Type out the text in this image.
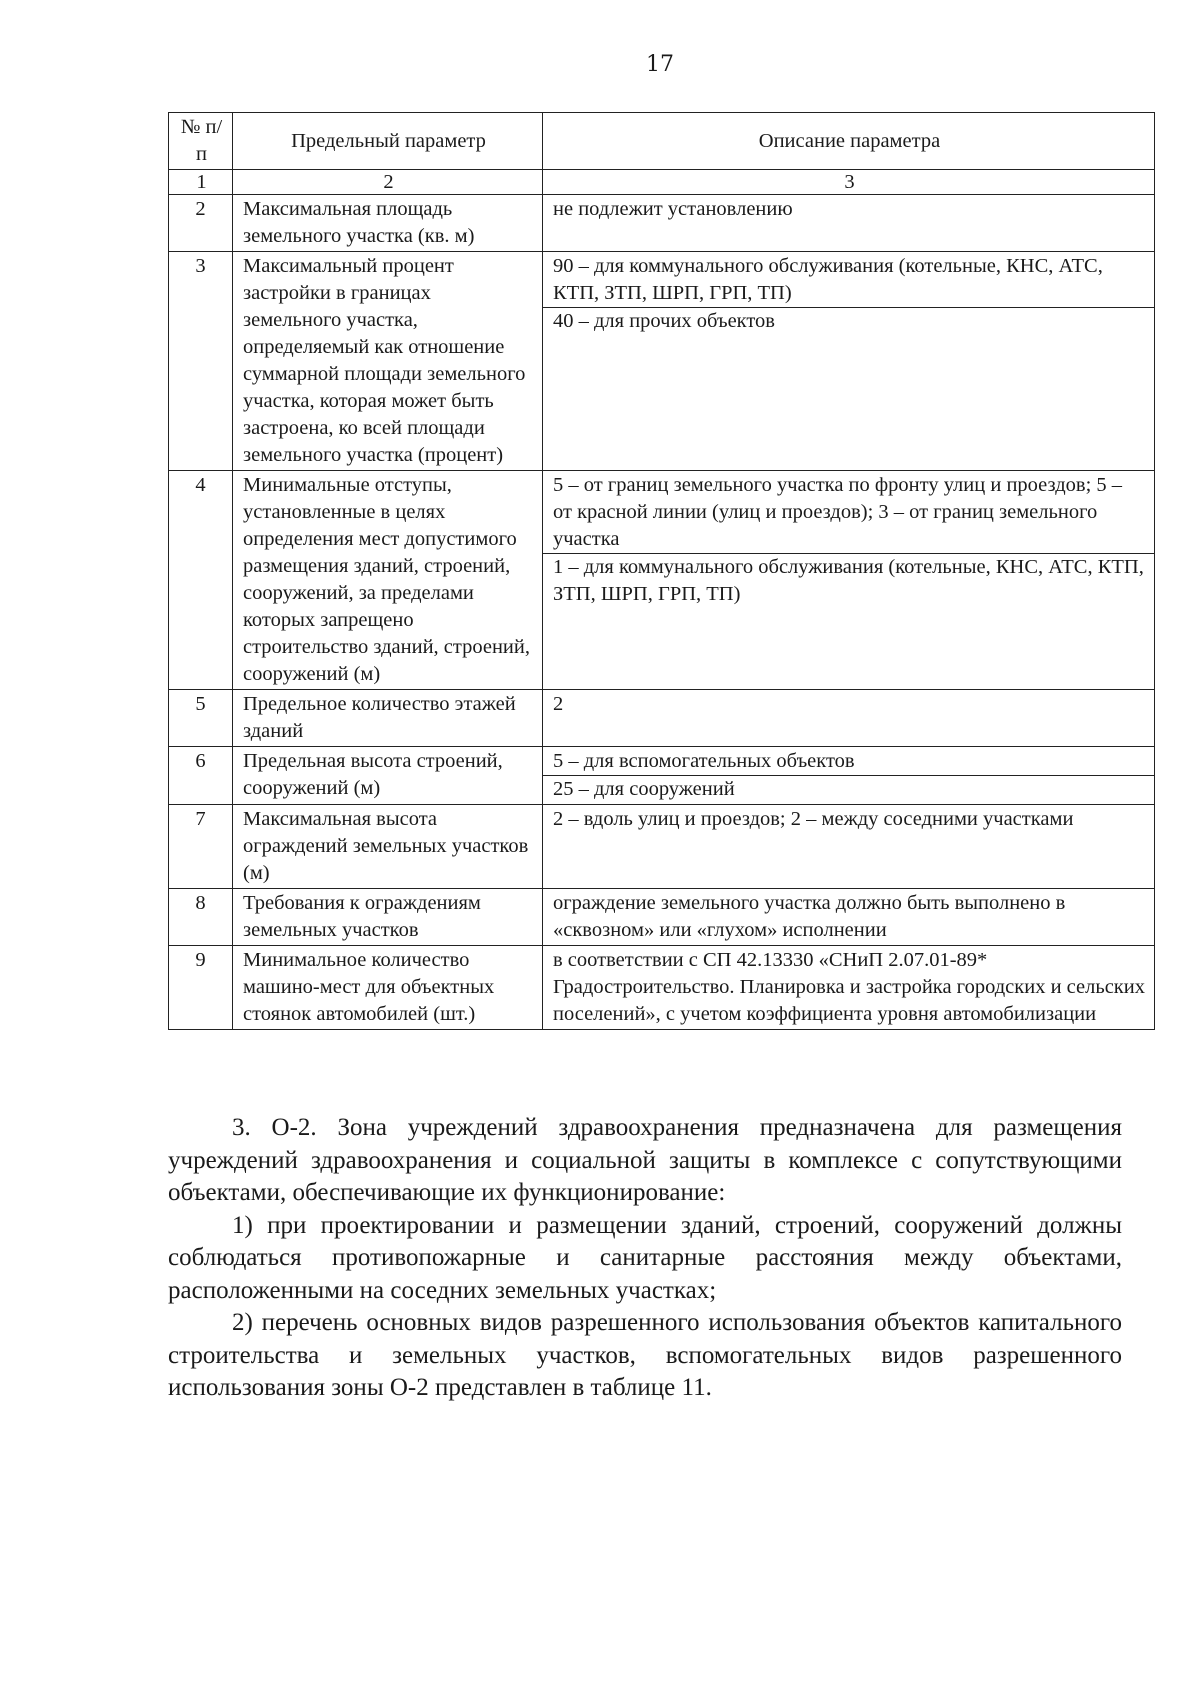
17
№ п/п	Предельный параметр	Описание параметра
1	2	3
2	Максимальная площадь земельного участка (кв. м)	не подлежит установлению

3	Максимальный процент застройки в границах земельного участка, определяемый как отношение суммарной площади земельного участка, которая может быть застроена, ко всей площади земельного участка (процент)	90 – для коммунального обслуживания (котельные, КНС, АТС, КТП, ЗТП, ШРП, ГРП, ТП)
40 – для прочих объектов

4	Минимальные отступы, установленные в целях определения мест допустимого размещения зданий, строений, сооружений, за пределами которых запрещено строительство зданий, строений, сооружений (м)	5 – от границ земельного участка по фронту улиц и проездов; 5 – от красной линии (улиц и проездов); 3 – от границ земельного участка
1 – для коммунального обслуживания (котельные, КНС, АТС, КТП, ЗТП, ШРП, ГРП, ТП)

5	Предельное количество этажей зданий	2

6	Предельная высота строений, сооружений (м)	5 – для вспомогательных объектов
25 – для сооружений

7	Максимальная высота ограждений земельных участков (м)	2 – вдоль улиц и проездов; 2 – между соседними участками

8	Требования к ограждениям земельных участков	ограждение земельного участка должно быть выполнено в «сквозном» или «глухом» исполнении

9	Минимальное количество машино-мест для объектных стоянок автомобилей (шт.)	в соответствии с СП 42.13330 «СНиП 2.07.01-89* Градостроительство. Планировка и застройка городских и сельских поселений», с учетом коэффициента уровня автомобилизации

3. О-2. Зона учреждений здравоохранения предназначена для размещения учреждений здравоохранения и социальной защиты в комплексе с сопутствующими объектами, обеспечивающие их функционирование:

1) при проектировании и размещении зданий, строений, сооружений должны соблюдаться противопожарные и санитарные расстояния между объектами, расположенными на соседних земельных участках;

2) перечень основных видов разрешенного использования объектов капитального строительства и земельных участков, вспомогательных видов разрешенного использования зоны О-2 представлен в таблице 11.
